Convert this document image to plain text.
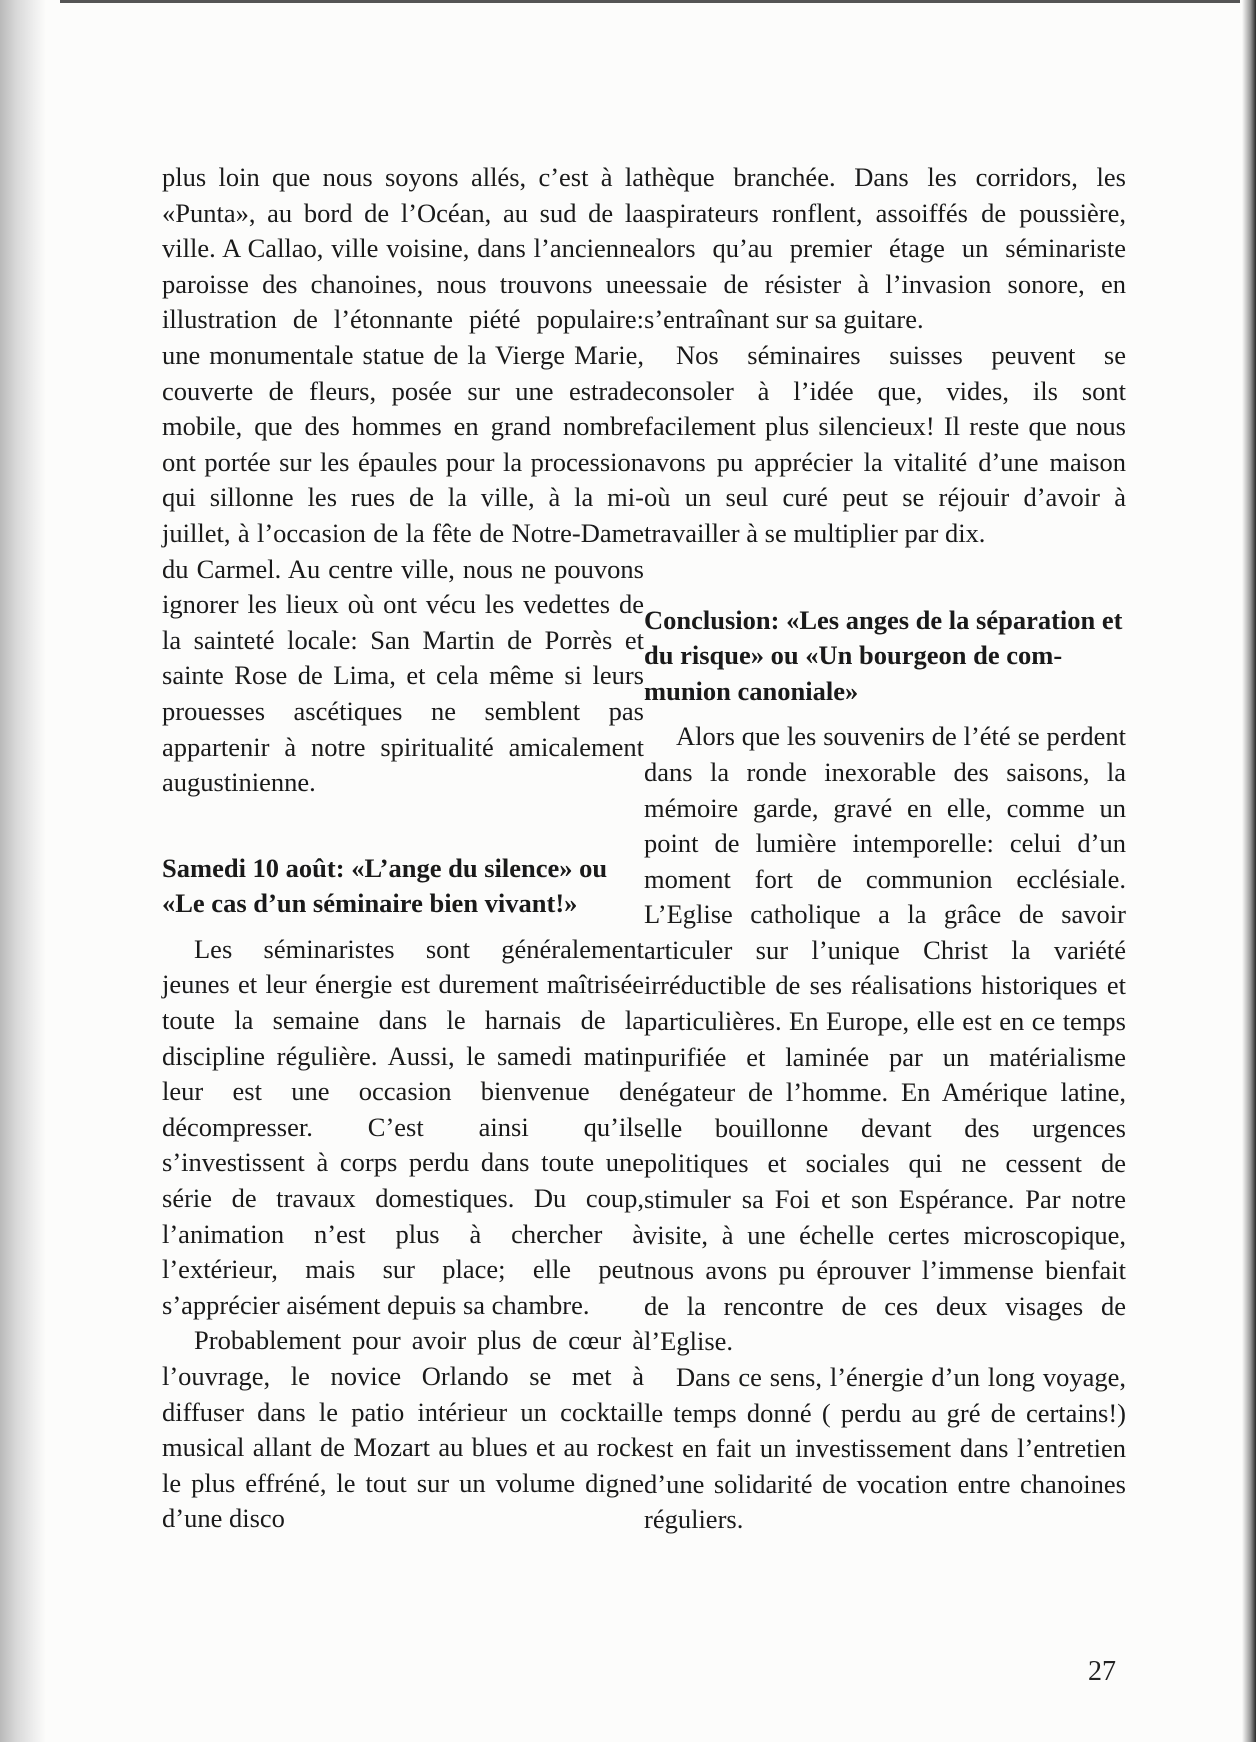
plus loin que nous soyons allés, c’est à la «Punta», au bord de l’Océan, au sud de la ville. A Callao, ville voisine, dans l’ancienne paroisse des chanoines, nous trouvons une illustration de l’étonnante piété populaire: une monumentale statue de la Vierge Marie, couverte de fleurs, posée sur une estrade mobile, que des hommes en grand nombre ont portée sur les épaules pour la procession qui sillonne les rues de la ville, à la mi-juillet, à l’occasion de la fête de Notre-Dame du Carmel. Au centre ville, nous ne pouvons ignorer les lieux où ont vécu les vedettes de la sainteté locale: San Martin de Porrès et sainte Rose de Lima, et cela même si leurs prouesses ascétiques ne semblent pas appartenir à notre spiritualité amicalement augustinienne.

Samedi 10 août: «L’ange du silence» ou «Le cas d’un séminaire bien vivant!»

Les séminaristes sont généralement jeunes et leur énergie est durement maîtrisée toute la semaine dans le harnais de la discipline régulière. Aussi, le samedi matin leur est une occasion bienvenue de décompresser. C’est ainsi qu’ils s’investissent à corps perdu dans toute une série de travaux domestiques. Du coup, l’animation n’est plus à chercher à l’extérieur, mais sur place; elle peut s’apprécier aisément depuis sa chambre.

Probablement pour avoir plus de cœur à l’ouvrage, le novice Orlando se met à diffuser dans le patio intérieur un cocktail musical allant de Mozart au blues et au rock le plus effréné, le tout sur un volume digne d’une disco

thèque branchée. Dans les corridors, les aspirateurs ronflent, assoiffés de poussière, alors qu’au premier étage un séminariste essaie de résister à l’invasion sonore, en s’entraînant sur sa guitare.

Nos séminaires suisses peuvent se consoler à l’idée que, vides, ils sont facilement plus silencieux! Il reste que nous avons pu apprécier la vitalité d’une maison où un seul curé peut se réjouir d’avoir à travailler à se multiplier par dix.

Conclusion: «Les anges de la séparation et du risque» ou «Un bourgeon de communion canoniale»

Alors que les souvenirs de l’été se perdent dans la ronde inexorable des saisons, la mémoire garde, gravé en elle, comme un point de lumière intemporelle: celui d’un moment fort de communion ecclésiale. L’Eglise catholique a la grâce de savoir articuler sur l’unique Christ la variété irréductible de ses réalisations historiques et particulières. En Europe, elle est en ce temps purifiée et laminée par un matérialisme négateur de l’homme. En Amérique latine, elle bouillonne devant des urgences politiques et sociales qui ne cessent de stimuler sa Foi et son Espérance. Par notre visite, à une échelle certes microscopique, nous avons pu éprouver l’immense bienfait de la rencontre de ces deux visages de l’Eglise.

Dans ce sens, l’énergie d’un long voyage, le temps donné ( perdu au gré de certains!) est en fait un investissement dans l’entretien d’une solidarité de vocation entre chanoines réguliers.

27
